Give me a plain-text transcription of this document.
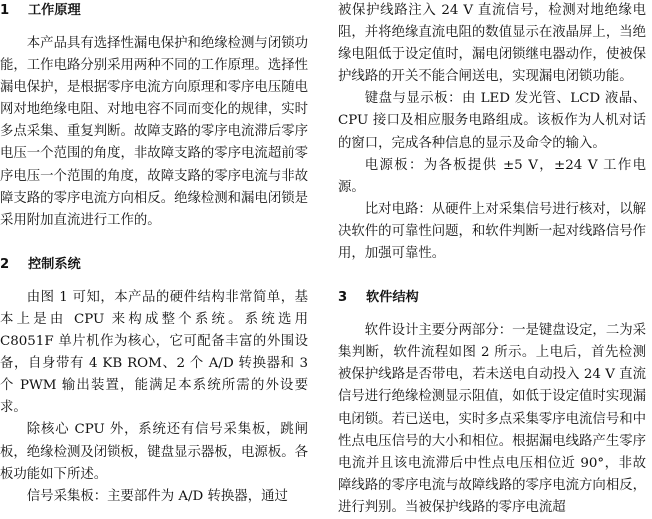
1	工作原理

本产品具有选择性漏电保护和绝缘检测与闭锁功能，工作电路分别采用两种不同的工作原理。选择性漏电保护，是根据零序电流方向原理和零序电压随电网对地绝缘电阻、对地电容不同而变化的规律，实时多点采集、重复判断。故障支路的零序电流滞后零序电压一个范围的角度，非故障支路的零序电流超前零序电压一个范围的角度，故障支路的零序电流与非故障支路的零序电流方向相反。绝缘检测和漏电闭锁是采用附加直流进行工作的。

2	控制系统

由图 1 可知，本产品的硬件结构非常简单，基本上是由 CPU 来构成整个系统。系统选用 C8051F 单片机作为核心，它可配备丰富的外围设备，自身带有 4 KB ROM、2 个 A/D 转换器和 3 个 PWM 输出装置，能满足本系统所需的外设要求。

除核心 CPU 外，系统还有信号采集板，跳闸板，绝缘检测及闭锁板，键盘显示器板，电源板。各板功能如下所述。

信号采集板：主要部件为 A/D 转换器，通过

被保护线路注入 24 V 直流信号，检测对地绝缘电阻，并将绝缘直流电阻的数值显示在液晶屏上，当绝缘电阻低于设定值时，漏电闭锁继电器动作，使被保护线路的开关不能合闸送电，实现漏电闭锁功能。

键盘与显示板：由 LED 发光管、LCD 液晶、CPU 接口及相应服务电路组成。该板作为人机对话的窗口，完成各种信息的显示及命令的输入。

电源板：为各板提供 ±5 V，±24 V 工作电源。

比对电路：从硬件上对采集信号进行核对，以解决软件的可靠性问题，和软件判断一起对线路信号作用，加强可靠性。

3	软件结构

软件设计主要分两部分：一是键盘设定，二为采集判断，软件流程如图 2 所示。上电后，首先检测被保护线路是否带电，若未送电自动投入 24 V 直流信号进行绝缘检测显示阻值，如低于设定值时实现漏电闭锁。若已送电，实时多点采集零序电流信号和中性点电压信号的大小和相位。根据漏电线路产生零序电流并且该电流滞后中性点电压相位近 90°，非故障线路的零序电流与故障线路的零序电流方向相反，进行判别。当被保护线路的零序电流超
